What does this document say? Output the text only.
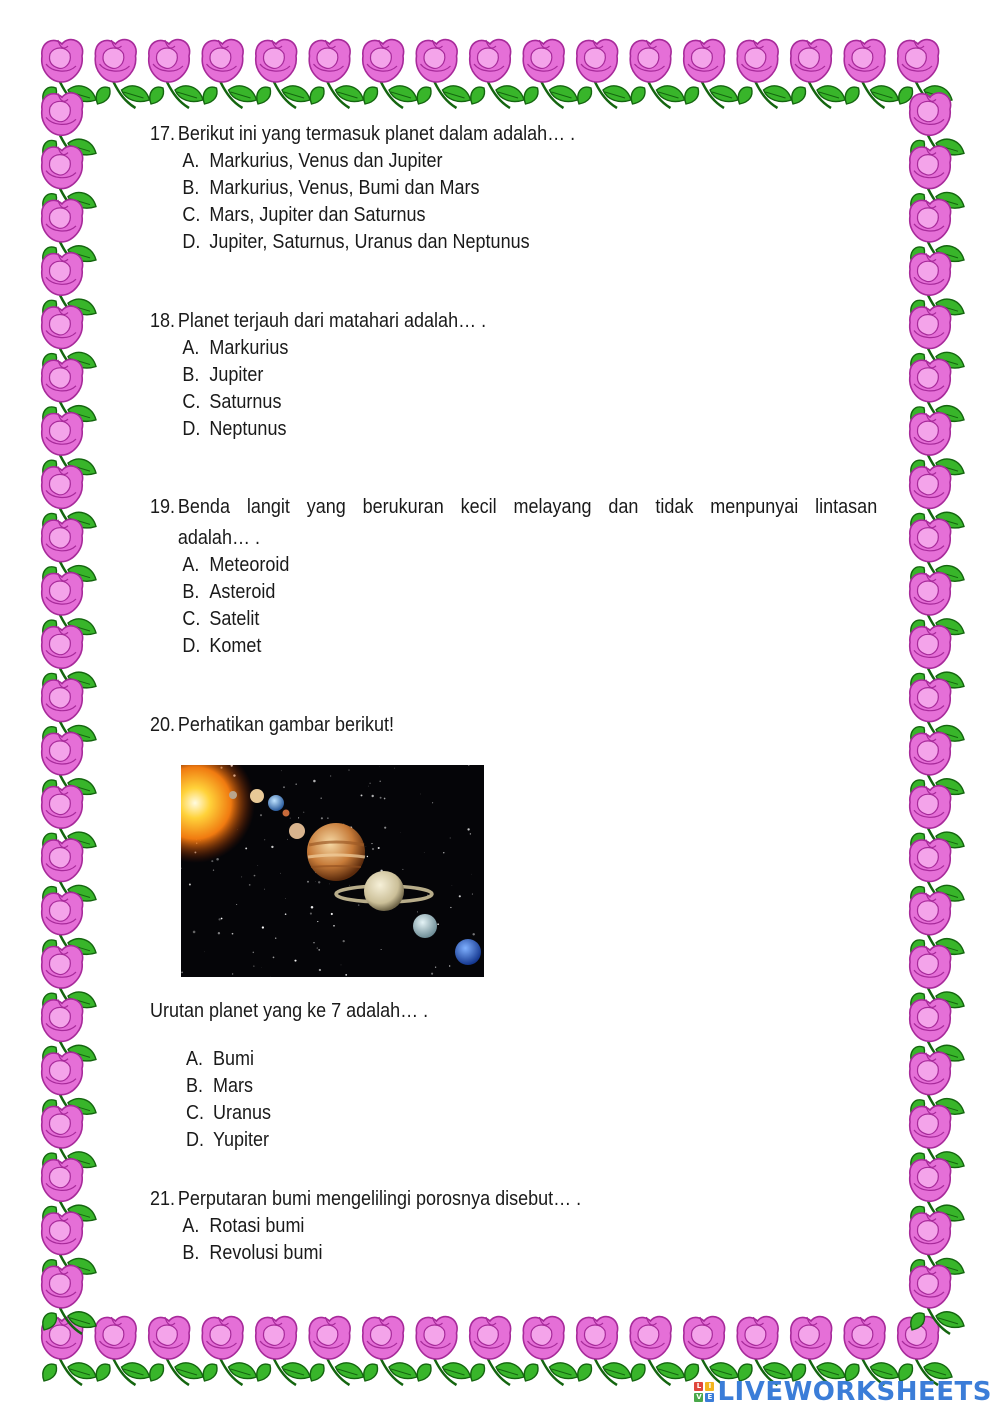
17. Berikut ini yang termasuk planet dalam adalah… .
A. Markurius, Venus dan Jupiter
B. Markurius, Venus, Bumi dan Mars
C. Mars, Jupiter dan Saturnus
D. Jupiter, Saturnus, Uranus dan Neptunus
18. Planet terjauh dari matahari adalah… .
A. Markurius
B. Jupiter
C. Saturnus
D. Neptunus
19. Benda langit yang berukuran kecil melayang dan tidak menpunyai lintasan
adalah… .
A. Meteoroid
B. Asteroid
C. Satelit
D. Komet
20. Perhatikan gambar berikut!
Urutan planet yang ke 7 adalah… .
A. Bumi
B. Mars
C. Uranus
D. Yupiter
21. Perputaran bumi mengelilingi porosnya disebut… .
A. Rotasi bumi
B. Revolusi bumi
L	I
V E LIVEWORKSHEETS
